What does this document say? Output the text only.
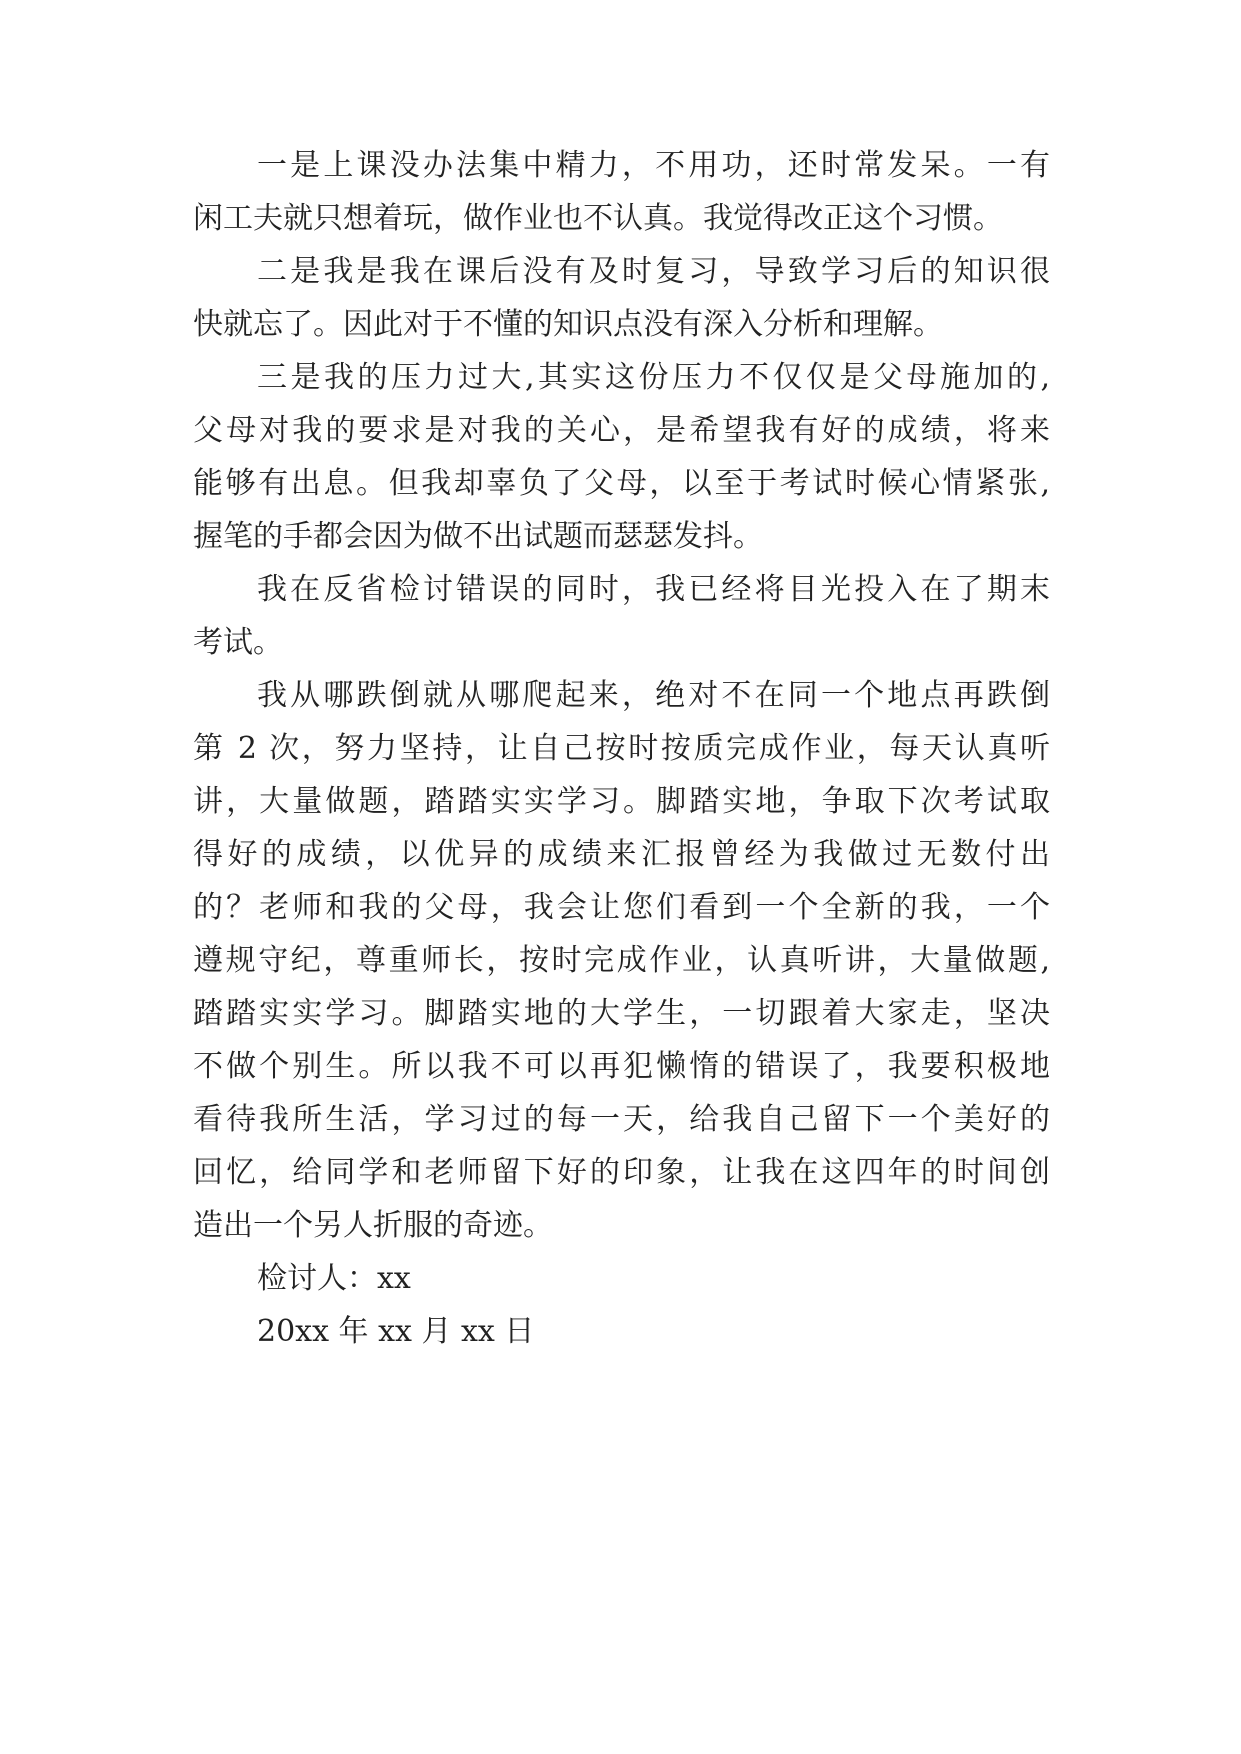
一是上课没办法集中精力，不用功，还时常发呆。一有
闲工夫就只想着玩，做作业也不认真。我觉得改正这个习惯。
二是我是我在课后没有及时复习，导致学习后的知识很
快就忘了。因此对于不懂的知识点没有深入分析和理解。
三是我的压力过大,其实这份压力不仅仅是父母施加的,
父母对我的要求是对我的关心，是希望我有好的成绩，将来
能够有出息。但我却辜负了父母，以至于考试时候心情紧张,
握笔的手都会因为做不出试题而瑟瑟发抖。
我在反省检讨错误的同时，我已经将目光投入在了期末
考试。
我从哪跌倒就从哪爬起来，绝对不在同一个地点再跌倒
第 2 次，努力坚持，让自己按时按质完成作业，每天认真听
讲，大量做题，踏踏实实学习。脚踏实地，争取下次考试取
得好的成绩，以优异的成绩来汇报曾经为我做过无数付出
的？老师和我的父母，我会让您们看到一个全新的我，一个
遵规守纪，尊重师长，按时完成作业，认真听讲，大量做题,
踏踏实实学习。脚踏实地的大学生，一切跟着大家走，坚决
不做个别生。所以我不可以再犯懒惰的错误了，我要积极地
看待我所生活，学习过的每一天，给我自己留下一个美好的
回忆，给同学和老师留下好的印象，让我在这四年的时间创
造出一个另人折服的奇迹。
检讨人：xx
20xx 年 xx 月 xx 日
